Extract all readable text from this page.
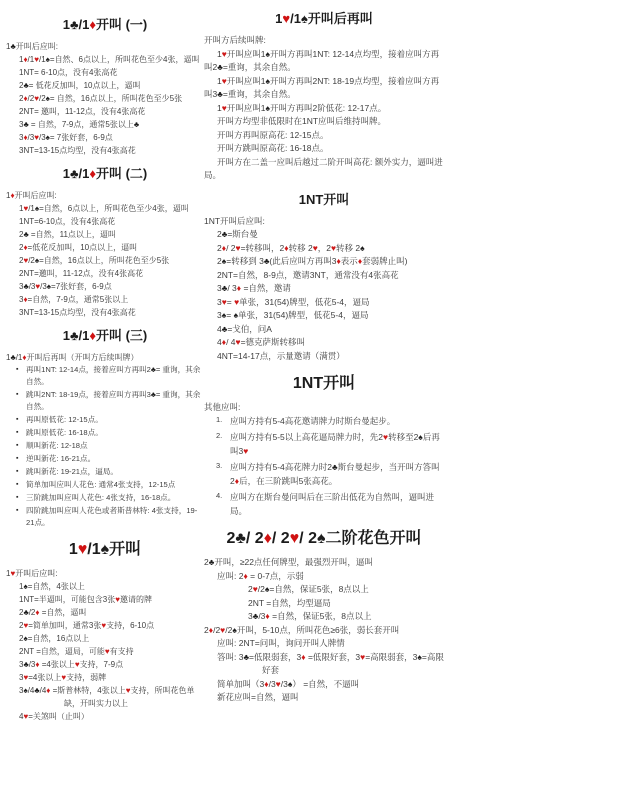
1♣/1♦开叫 (一)
1♣开叫后应叫:
1♦/1♥/1♠=自然、6点以上，所叫花色至少4张，逼叫
1NT= 6-10点，没有4张高花
2♣= 低花反加叫，10点以上，逼叫
2♦/2♥/2♠= 自然，16点以上，所叫花色至少5张
2NT= 邀叫，11-12点，没有4张高花
3♣ = 自然，7-9点，通常5张以上♣
3♦/3♥/3♠= 7张好套，6-9点
3NT=13-15点均型，没有4张高花
1♣/1♦开叫 (二)
1♦开叫后应叫:
1♥/1♠=自然，6点以上，所叫花色至少4张，逼叫
1NT=6-10点，没有4张高花
2♣ =自然，11点以上，逼叫
2♦=低花反加叫，10点以上，逼叫
2♥/2♠=自然，16点以上，所叫花色至少5张
2NT=邀叫，11-12点，没有4张高花
3♣/3♥/3♠=7张好套，6-9点
3♦=自然，7-9点，通常5张以上
3NT=13-15点均型，没有4张高花
1♣/1♦开叫 (三)
1♣/1♦开叫后再叫（开叫方后续叫牌）
▪ 再叫1NT: 12-14点，接着应叫方再叫2♣= 重询，其余自然。
▪ 跳叫2NT: 18-19点，接着应叫方再叫3♣= 重询，其余自然。
▪ 再叫原低花: 12-15点。
▪ 跳叫原低花: 16-18点。
▪ 顺叫新花: 12-18点
▪ 逆叫新花: 16-21点。
▪ 跳叫新花: 19-21点，逼局。
▪ 简单加叫应叫人花色: 通常4张支持，12-15点
▪ 三阶跳加叫应叫人花色: 4张支持，16-18点。
▪ 四阶跳加叫应叫人花色或者斯普林特: 4张支持，19-21点。
1♥/1♠开叫
1♥开叫后应叫:
1♠=自然，4张以上
1NT=半逼叫，可能包含3张♥邀请的牌
2♣/2♦ =自然，逼叫
2♥=简单加叫，通常3张♥支持，6-10点
2♠=自然，16点以上
2NT =自然，逼局，可能♥有支持
3♣/3♦ =4张以上♥支持，7-9点
3♥=4张以上♥支持，弱牌
3♠/4♣/4♦ =斯普林特，4张以上♥支持，所叫花色单缺，开叫实力以上
4♥=关煞叫（止叫）
1♥/1♠开叫后再叫
开叫方后续叫牌:
1♥开叫应叫1♠开叫方再叫1NT: 12-14点均型，接着应叫方再叫2♣=重询，其余自然。
1♥开叫应叫1♠开叫方再叫2NT: 18-19点均型，接着应叫方再叫3♣=重询，其余自然。
1♥开叫应叫1♠开叫方再叫2阶低花: 12-17点。
开叫方均型非低限时在1NT应叫后维持叫牌。
开叫方再叫原高花: 12-15点。
开叫方跳叫原高花: 16-18点。
开叫方在二盖一应叫后越过二阶开叫高花: 额外实力，逼叫进局。
1NT开叫
1NT开叫后应叫:
2♣=斯台曼
2♦/ 2♥=转移叫，2♦转移 2♥，2♥转移 2♠
2♠=转移到 3♣(此后应叫方再叫3♦表示♦套弱牌止叫)
2NT=自然，8-9点，邀请3NT，通常没有4张高花
3♣/ 3♦ =自然，邀请
3♥= ♥单张，31(54)牌型，低花5-4，逼局
3♠= ♠单张，31(54)牌型，低花5-4，逼局
4♣=戈伯，问A
4♦/ 4♥=德克萨斯转移叫
4NT=14-17点，示量邀请（满贯）
1NT开叫
其他应叫:
1. 应叫方持有5-4高花邀请牌力时斯台曼起步。
2. 应叫方持有5-5以上高花逼局牌力时，先2♥转移至2♠后再叫3♥
3. 应叫方持有5-4高花牌力时2♣斯台曼起步，当开叫方答叫2♦后，在三阶跳叫5张高花。
4. 应叫方在斯台曼问叫后在三阶出低花为自然叫，逼叫进局。
2♣/ 2♦/ 2♥/ 2♠二阶花色开叫
2♣开叫，≥22点任何牌型，最强烈开叫，逼叫
应叫: 2♦ = 0-7点，示弱
2♥/2♠=自然，保证5张，8点以上
2NT =自然，均型逼局
3♣/3♦ =自然，保证5张，8点以上
2♦/2♥/2♠开叫，5-10点，所叫花色≥6张，弱长套开叫
应叫: 2NT=问叫，询问开叫人牌情
答叫: 3♣=低限弱套，3♦ =低限好套，3♥=高限弱套，3♠=高限好套
简单加叫（3♦/3♥/3♠） =自然，不逼叫
新花应叫=自然，逼叫
